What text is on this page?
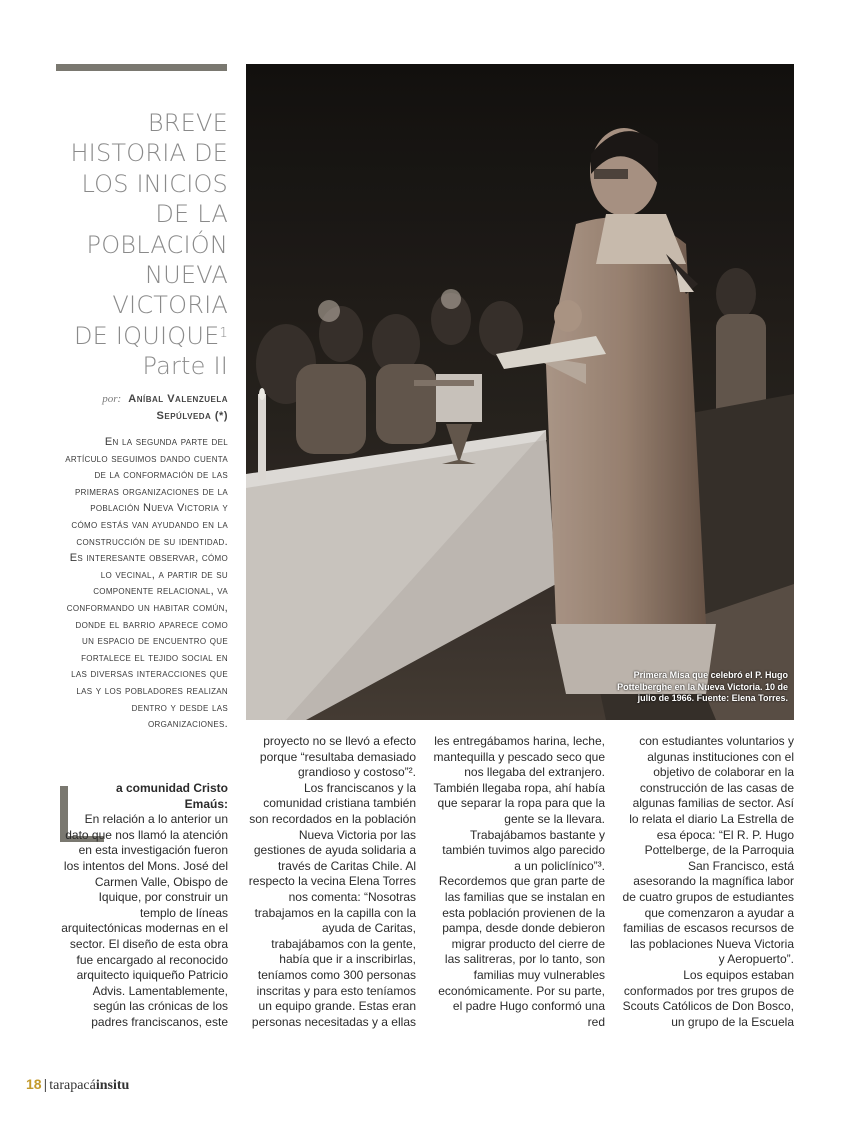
BREVE
HISTORIA DE
LOS INICIOS
DE LA
POBLACIÓN
NUEVA
VICTORIA
DE IQUIQUE$^1$
Parte II
por: Aníbal Valenzuela
Sepúlveda (*)
En la segunda parte del artículo seguimos dando cuenta de la conformación de las primeras organizaciones de la población Nueva Victoria y cómo estás van ayudando en la construcción de su identidad. Es interesante observar, cómo lo vecinal, a partir de su componente relacional, va conformando un habitar común, donde el barrio aparece como un espacio de encuentro que fortalece el tejido social en las diversas interacciones que las y los pobladores realizan dentro y desde las organizaciones.
Primera Misa que celebró el P. Hugo Pottelberghe en la Nueva Victoria. 10 de julio de 1966. Fuente: Elena Torres.

a comunidad Cristo Emaús:
En relación a lo anterior un dato que nos llamó la atención en esta investigación fueron los intentos del Mons. José del Carmen Valle, Obispo de Iquique, por construir un templo de líneas arquitectónicas modernas en el sector. El diseño de esta obra fue encargado al reconocido arquitecto iquiqueño Patricio Advis. Lamentablemente, según las crónicas de los padres franciscanos, este

proyecto no se llevó a efecto porque “resultaba demasiado grandioso y costoso”².

Los franciscanos y la comunidad cristiana también son recordados en la población Nueva Victoria por las gestiones de ayuda solidaria a través de Caritas Chile. Al respecto la vecina Elena Torres nos comenta: “Nosotras trabajamos en la capilla con la ayuda de Caritas, trabajábamos con la gente, había que ir a inscribirlas, teníamos como 300 personas inscritas y para esto teníamos un equipo grande. Estas eran personas necesitadas y a ellas

les entregábamos harina, leche, mantequilla y pescado seco que nos llegaba del extranjero. También llegaba ropa, ahí había que separar la ropa para que la gente se la llevara. Trabajábamos bastante y también tuvimos algo parecido a un policlínico”³.

Recordemos que gran parte de las familias que se instalan en esta población provienen de la pampa, desde donde debieron migrar producto del cierre de las salitreras, por lo tanto, son familias muy vulnerables económicamente. Por su parte, el padre Hugo conformó una red

con estudiantes voluntarios y algunas instituciones con el objetivo de colaborar en la construcción de las casas de algunas familias de sector. Así lo relata el diario La Estrella de esa época: “El R. P. Hugo Pottelberge, de la Parroquia San Francisco, está asesorando la magnífica labor de cuatro grupos de estudiantes que comenzaron a ayudar a familias de escasos recursos de las poblaciones Nueva Victoria y Aeropuerto”.

Los equipos estaban conformados por tres grupos de Scouts Católicos de Don Bosco, un grupo de la Escuela

18 | tarapacáinsitu
